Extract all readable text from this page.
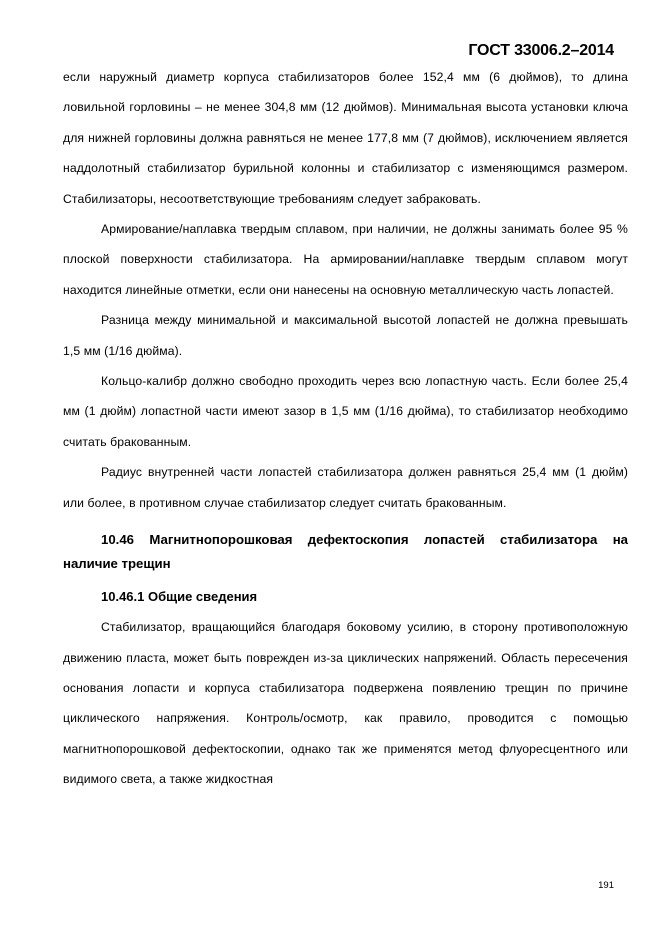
ГОСТ 33006.2–2014

если наружный диаметр корпуса стабилизаторов более 152,4 мм (6 дюймов), то длина ловильной горловины – не менее 304,8 мм (12 дюймов). Минимальная высота установки ключа для нижней горловины должна равняться не менее 177,8 мм (7 дюймов), исключением является наддолотный стабилизатор бурильной колонны и стабилизатор с изменяющимся размером. Стабилизаторы, несоответствующие требованиям следует забраковать.

Армирование/наплавка твердым сплавом, при наличии, не должны занимать более 95 % плоской поверхности стабилизатора. На армировании/наплавке твердым сплавом могут находится линейные отметки, если они нанесены на основную металлическую часть лопастей.

Разница между минимальной и максимальной высотой лопастей не должна превышать 1,5 мм (1/16 дюйма).

Кольцо-калибр должно свободно проходить через всю лопастную часть. Если более 25,4 мм (1 дюйм) лопастной части имеют зазор в 1,5 мм (1/16 дюйма), то стабилизатор необходимо считать бракованным.

Радиус внутренней части лопастей стабилизатора должен равняться 25,4 мм (1 дюйм) или более, в противном случае стабилизатор следует считать бракованным.

10.46 Магнитнопорошковая дефектоскопия лопастей стабилизатора на наличие трещин
10.46.1 Общие сведения

Стабилизатор, вращающийся благодаря боковому усилию, в сторону противоположную движению пласта, может быть поврежден из-за циклических напряжений. Область пересечения основания лопасти и корпуса стабилизатора подвержена появлению трещин по причине циклического напряжения. Контроль/осмотр, как правило, проводится с помощью магнитнопорошковой дефектоскопии, однако так же применятся метод флуоресцентного или видимого света, а также жидкостная

191
